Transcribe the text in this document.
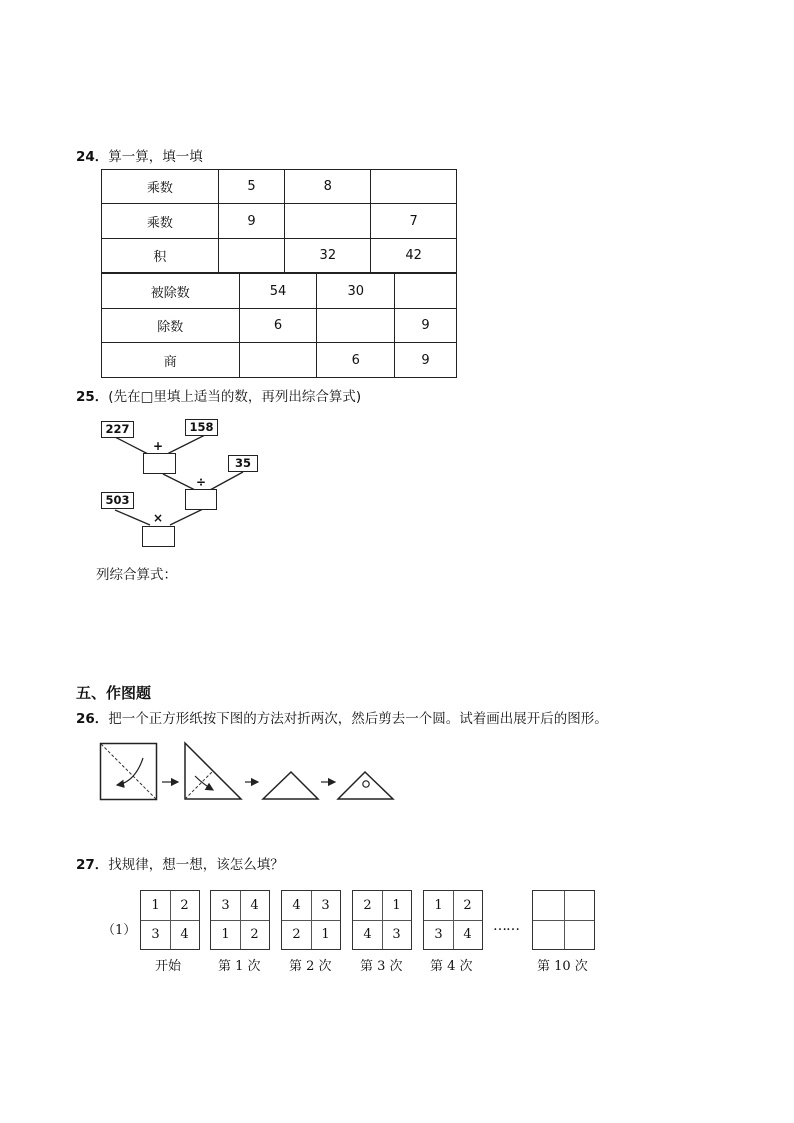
24．算一算，填一填
乘数	5	8	
乘数	9		7
积		32	42
被除数	54	30	
除数	6		9
商		6	9
25．(先在□里填上适当的数，再列出综合算式)
227	158
+
35
÷
503
×
列综合算式：
五、作图题
26．把一个正方形纸按下图的方法对折两次，然后剪去一个圆。试着画出展开后的图形。
27．找规律，想一想，该怎么填？
（1）
1	2
3	4
开始
3	4
1	2
第 1 次
4	3
2	1
第 2 次
2	1
4	3
第 3 次
1	2
3	4
第 4 次
……
第 10 次
